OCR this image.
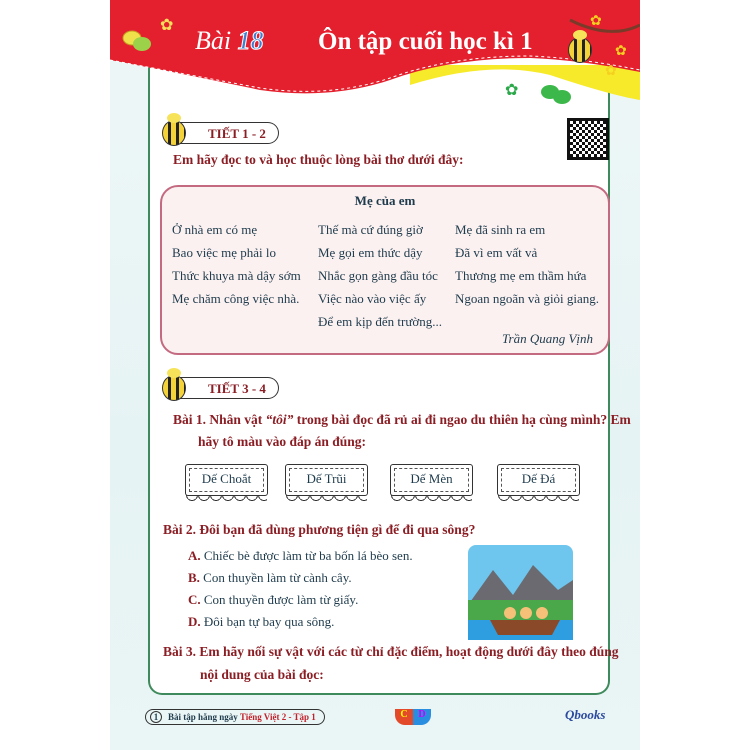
✿	✿
✿
✿
✿
Bài 18 Ôn tập cuối học kì 1
TIẾT 1 - 2
Em hãy đọc to và học thuộc lòng bài thơ dưới đây:
Mẹ của em
Ở nhà em có mẹ
Bao việc mẹ phải lo
Thức khuya mà dậy sớm
Mẹ chăm công việc nhà.
Thế mà cứ đúng giờ
Mẹ gọi em thức dậy
Nhắc gọn gàng đầu tóc
Việc nào vào việc ấy
Để em kịp đến trường...
Mẹ đã sinh ra em
Đã vì em vất vả
Thương mẹ em thầm hứa
Ngoan ngoãn và giỏi giang.
Trần Quang Vịnh
TIẾT 3 - 4
Bài 1. Nhân vật “tôi” trong bài đọc đã rủ ai đi ngao du thiên hạ cùng mình? Em
hãy tô màu vào đáp án đúng:
Dế Choắt	Dế Trũi	Dế Mèn	Dế Đá
Bài 2. Đôi bạn đã dùng phương tiện gì để đi qua sông?
A. Chiếc bè được làm từ ba bốn lá bèo sen.
B. Con thuyền làm từ cành cây.
C. Con thuyền được làm từ giấy.
D. Đôi bạn tự bay qua sông.
Bài 3. Em hãy nối sự vật với các từ chỉ đặc điểm, hoạt động dưới đây theo đúng
nội dung của bài đọc:
1 Bài tập hằng ngày Tiếng Việt 2 - Tập 1	C	D	Qbooks
